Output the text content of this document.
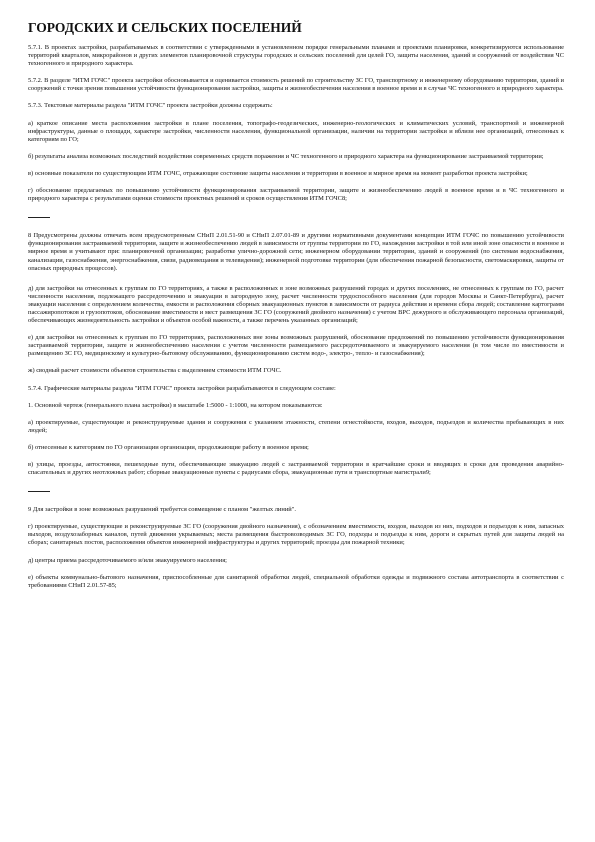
ГОРОДСКИХ И СЕЛЬСКИХ ПОСЕЛЕНИЙ

5.7.1. В проектах застройки, разрабатываемых в соответствии с утвержденными в установленном порядке генеральными планами и проектами планировки, конкретизируются использование территорий кварталов, микрорайонов и других элементов планировочной структуры городских и сельских поселений для целей ГО, защиты населения, зданий и сооружений от воздействия ЧС техногенного и природного характера.

5.7.2. В разделе "ИТМ ГОЧС" проекта застройки обосновывается и оценивается стоимость решений по строительству ЗС ГО, транспортному и инженерному оборудованию территории, зданий и сооружений с точки зрения повышения устойчивости функционирования застройки, защиты и жизнеобеспечения населения в военное время и в случае ЧС техногенного и природного характера.

5.7.3. Текстовые материалы раздела "ИТМ ГОЧС" проекта застройки должны содержать:

а) краткое описание места расположения застройки в плане поселения, топографо-геодезических, инженерно-геологических и климатических условий, транспортной и инженерной инфраструктуры, данные о площади, характере застройки, численности населения, функциональной организации, наличии на территории застройки и вблизи нее организаций, отнесенных к категориям по ГО;

б) результаты анализа возможных последствий воздействия современных средств поражения и ЧС техногенного и природного характера на функционирование застраиваемой территории;

в) основные показатели по существующим ИТМ ГОЧС, отражающие состояние защиты населения и территории в военное и мирное время на момент разработки проекта застройки;

г) обоснование предлагаемых по повышению устойчивости функционирования застраиваемой территории, защите и жизнеобеспечению людей в военное время и в ЧС техногенного и природного характера с результатами оценки стоимости проектных решений и сроков осуществления ИТМ ГОЧС8;

8 Предусмотрены должны отвечать всем предусмотренным СНиП 2.01.51-90 и СНиП 2.07.01-89 и другими нормативными документами концепции ИТМ ГОЧС по повышению устойчивости функционирования застраиваемой территории, защите и жизнеобеспечению людей в зависимости от группы территории по ГО, нахождения застройки в той или иной зоне опасности в военное и мирное время и учитывают при: планировочной организации; разработке улично-дорожной сети; инженерном оборудовании территории, зданий и сооружений (по системам водоснабжения, канализации, газоснабжения, энергоснабжения, связи, радиовещания и телевидения); инженерной подготовке территории (для обеспечения пожарной безопасности, светомаскировки, защиты от опасных природных процессов).

д) для застройки на отнесенных к группам по ГО территориях, а также в расположенных в зоне возможных разрушений городах и других поселениях, не отнесенных к группам по ГО, расчет численности населения, подлежащего рассредоточению и эвакуации в загородную зону, расчет численности трудоспособного населения (для городов Москвы и Санкт-Петербурга), расчет эвакуации населения с определением количества, емкости и расположения сборных эвакуационных пунктов в зависимости от радиуса действия и времени сбора людей; составление картограмм пассажиропотоков и грузопотоков, обоснование вместимости и мест размещения ЗС ГО (сооружений двойного назначения) с учетом ВРС дежурного и обслуживающего персонала организаций, обеспечивающих жизнедеятельность застройки и объектов особой важности, а также перечень указанных организаций;

е) для застройки на отнесенных к группам по ГО территориях, расположенных вне зоны возможных разрушений, обоснование предложений по повышению устойчивости функционирования застраиваемой территории, защите и жизнеобеспечению населения с учетом численности размещаемого рассредоточиваемого и эвакуируемого населения (в том числе по вместимости и размещению ЗС ГО, медицинскому и культурно-бытовому обслуживанию, функционированию систем водо-, электро-, тепло- и газоснабжения);

ж) сводный расчет стоимости объектов строительства с выделением стоимости ИТМ ГОЧС.

5.7.4. Графические материалы раздела "ИТМ ГОЧС" проекта застройки разрабатываются в следующем составе:

1. Основной чертеж (генерального плана застройки) в масштабе 1:5000 - 1:1000, на котором показываются:

а) проектируемые, существующие и реконструируемые здания и сооружения с указанием этажности, степени огнестойкости, входов, выходов, подъездов и количества пребывающих в них людей;

б) отнесенные к категориям по ГО организации организации, продолжающие работу в военное время;

в) улицы, проезды, автостоянки, пешеходные пути, обеспечивающие эвакуацию людей с застраиваемой территории в кратчайшие сроки и вводящих в сроки для проведения аварийно-спасательных и других неотложных работ; сборные эвакуационные пункты с радиусами сбора, эвакуационные пути и транспортные магистрали9;

9 Для застройки в зоне возможных разрушений требуется совмещение с планом "желтых линий".

г) проектируемые, существующие и реконструируемые ЗС ГО (сооружения двойного назначения), с обозначением вместимости, входов, выходов из них, подходов и подъездов к ним, запасных выходов, воздухозаборных каналов, путей движения укрываемых; места размещения быстровозводимых ЗС ГО, подходы и подъезды к ним, дороги и скрытых путей для защиты людей на сборах; санитарных постов, расположения объектов инженерной инфраструктуры и других территорий; проезды для пожарной техники;

д) центры приема рассредоточиваемого и/или эвакуируемого населения;

е) объекты коммунально-бытового назначения, приспособленные для санитарной обработки людей, специальной обработки одежды и подвижного состава автотранспорта в соответствии с требованиями СНиП 2.01.57-85;
